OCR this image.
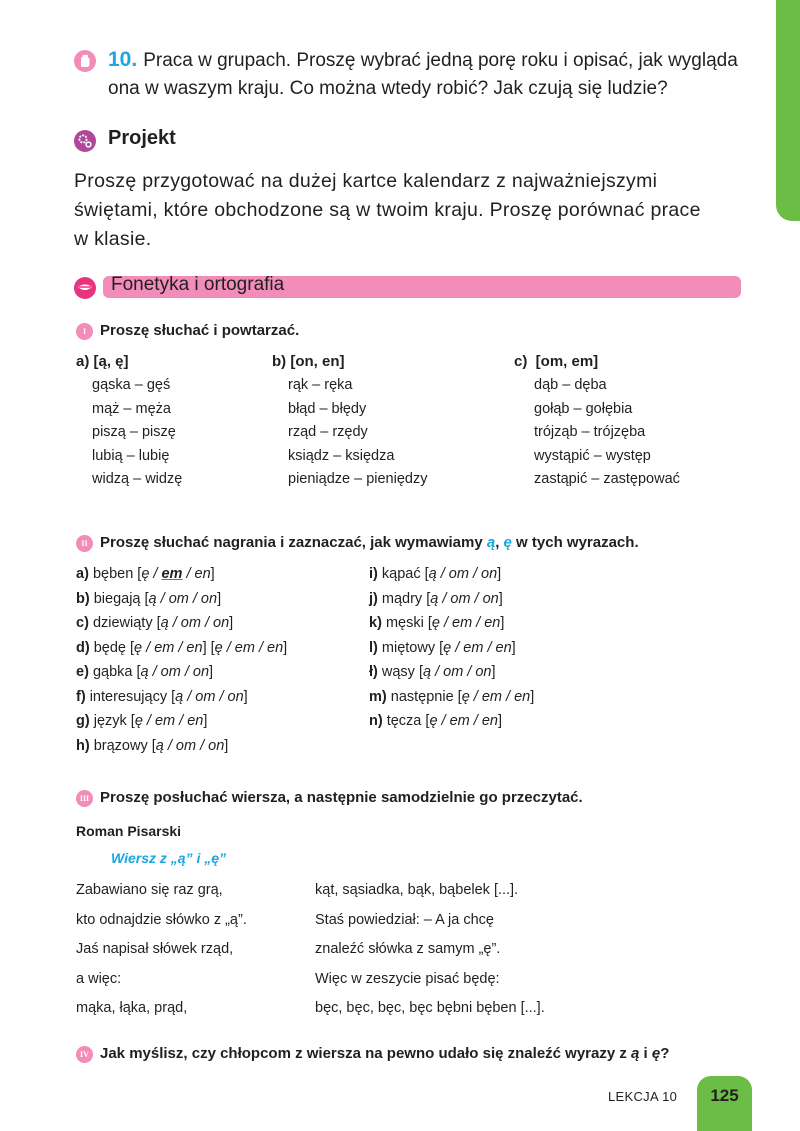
10. Praca w grupach. Proszę wybrać jedną porę roku i opisać, jak wygląda
ona w waszym kraju. Co można wtedy robić? Jak czują się ludzie?
Projekt
Proszę przygotować na dużej kartce kalendarz z najważniejszymi
świętami, które obchodzone są w twoim kraju. Proszę porównać prace
w klasie.
Fonetyka i ortografia
I Proszę słuchać i powtarzać.
a) [ą, ę]
gąska – gęś
mąż – męża
piszą – piszę
lubią – lubię
widzą – widzę
b) [on, en]
rąk – ręka
błąd – błędy
rząd – rzędy
ksiądz – księdza
pieniądze – pieniędzy
c)  [om, em]
dąb – dęba
gołąb – gołębia
trójząb – trójzęba
wystąpić – występ
zastąpić – zastępować
II Proszę słuchać nagrania i zaznaczać, jak wymawiamy ą, ę w tych wyrazach.
a) bęben [ę / em / en]
b) biegają [ą / om / on]
c) dziewiąty [ą / om / on]
d) będę [ę / em / en] [ę / em / en]
e) gąbka [ą / om / on]
f) interesujący [ą / om / on]
g) język [ę / em / en]
h) brązowy [ą / om / on]
i) kąpać [ą / om / on]
j) mądry [ą / om / on]
k) męski [ę / em / en]
l) miętowy [ę / em / en]
ł) wąsy [ą / om / on]
m) następnie [ę / em / en]
n) tęcza [ę / em / en]
III Proszę posłuchać wiersza, a następnie samodzielnie go przeczytać.
Roman Pisarski
Wiersz z „ą” i „ę”
Zabawiano się raz grą,
kto odnajdzie słówko z „ą”.
Jaś napisał słówek rząd,
a więc:
mąka, łąka, prąd,
kąt, sąsiadka, bąk, bąbelek [...].
Staś powiedział: – A ja chcę
znaleźć słówka z samym „ę”.
Więc w zeszycie pisać będę:
bęc, bęc, bęc, bęc bębni bęben [...].
IV Jak myślisz, czy chłopcom z wiersza na pewno udało się znaleźć wyrazy z ą i ę?
LEKCJA 10	125
